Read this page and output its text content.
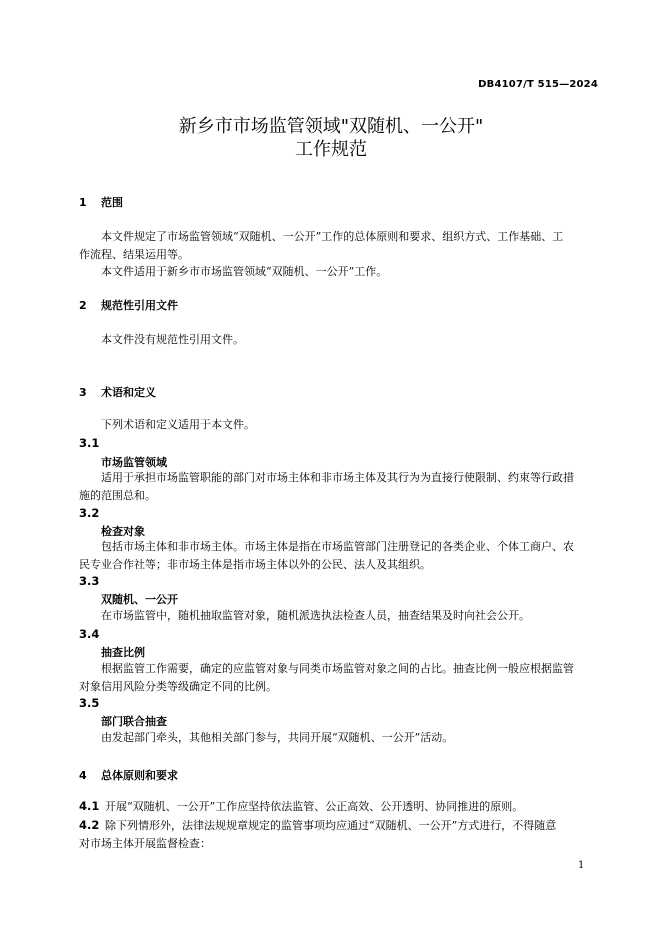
DB4107/T 515—2024
新乡市市场监管领域"双随机、一公开"
工作规范
1 范围
本文件规定了市场监管领域“双随机、一公开”工作的总体原则和要求、组织方式、工作基础、工
作流程、结果运用等。
本文件适用于新乡市市场监管领域“双随机、一公开”工作。
2 规范性引用文件
本文件没有规范性引用文件。
3 术语和定义
下列术语和定义适用于本文件。
3.1
市场监管领域
适用于承担市场监管职能的部门对市场主体和非市场主体及其行为为直接行使限制、约束等行政措
施的范围总和。
3.2
检查对象
包括市场主体和非市场主体。市场主体是指在市场监管部门注册登记的各类企业、个体工商户、农
民专业合作社等；非市场主体是指市场主体以外的公民、法人及其组织。
3.3
双随机、一公开
在市场监管中，随机抽取监管对象，随机派选执法检查人员，抽查结果及时向社会公开。
3.4
抽查比例
根据监管工作需要，确定的应监管对象与同类市场监管对象之间的占比。抽查比例一般应根据监管
对象信用风险分类等级确定不同的比例。
3.5
部门联合抽查
由发起部门牵头，其他相关部门参与，共同开展“双随机、一公开”活动。
4 总体原则和要求
4.1 开展“双随机、一公开”工作应坚持依法监管、公正高效、公开透明、协同推进的原则。
4.2 除下列情形外，法律法规规章规定的监管事项均应通过“双随机、一公开”方式进行，不得随意
对市场主体开展监督检查：
1
